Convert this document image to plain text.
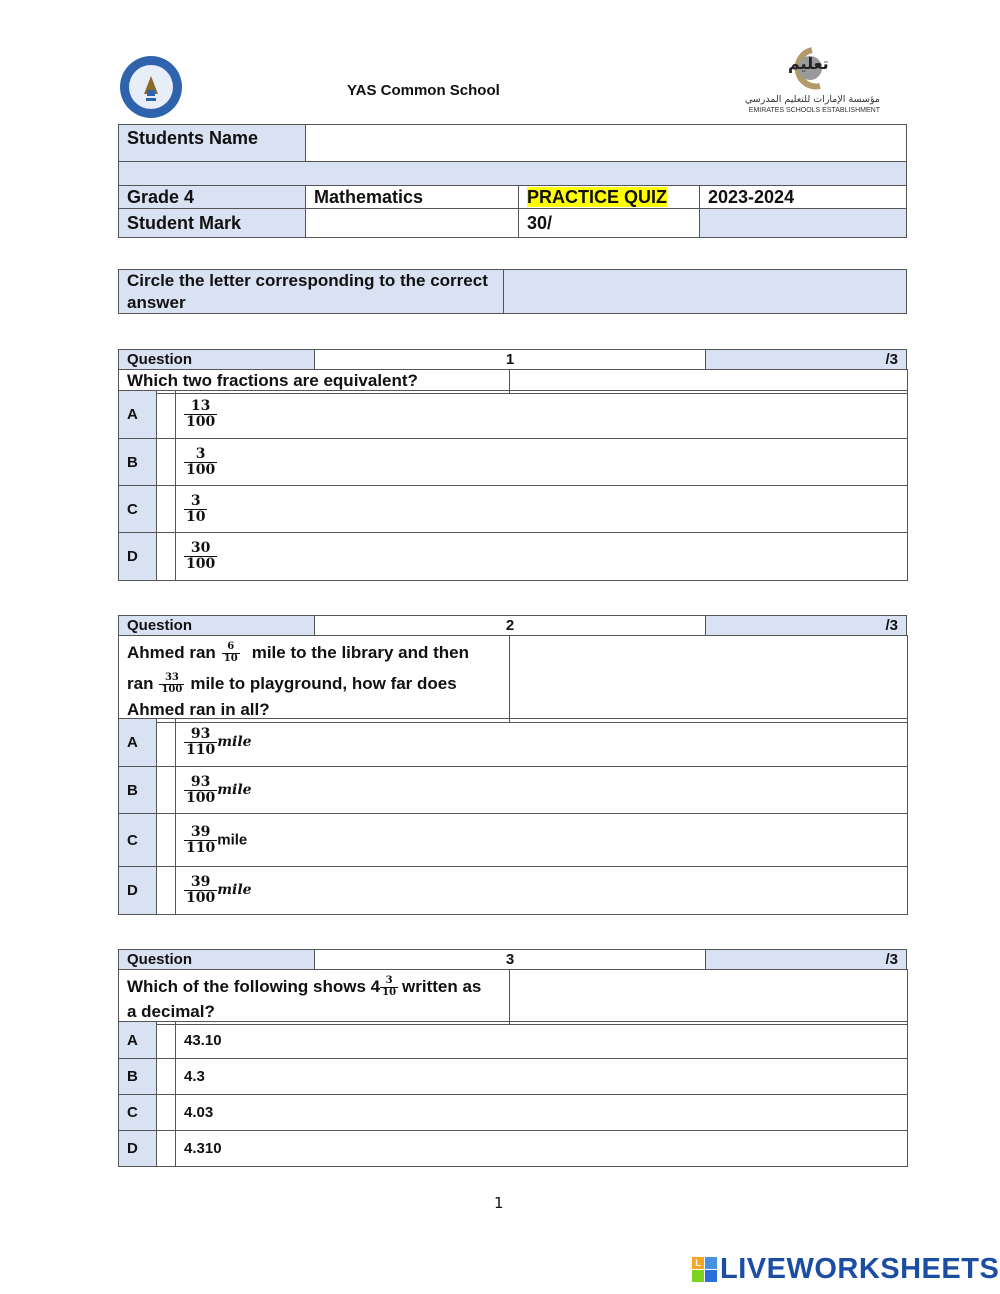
YAS Common School
تعليم
مؤسسة الإمارات للتعليم المدرسي
EMIRATES SCHOOLS ESTABLISHMENT
Students Name			

Grade 4	Mathematics	PRACTICE QUIZ	2023-2024
Student Mark		30/	
Circle the letter corresponding to the correct answer	
Question	1	/3
Which two fractions are equivalent?	
A		$\frac{13}{100}$

B		$\frac{3}{100}$

C		$\frac{3}{10}$

D		$\frac{30}{100}$
Question	2	/3
Ahmed ran $\frac{6}{10}$ mile to the library and then
ran $\frac{33}{100}$ mile to playground, how far does
Ahmed ran in all?

A		$\frac{93}{110}$ mile
B		$\frac{93}{100}$ mile
C		$\frac{39}{110}$ mile
D		$\frac{39}{100}$ mile
Question	3	/3
Which of the following shows $4 \frac{3}{10}$ written as
a decimal?

A		43.10
B		4.3
C		4.03
D		4.310
1
L LIVEWORKSHEETS
